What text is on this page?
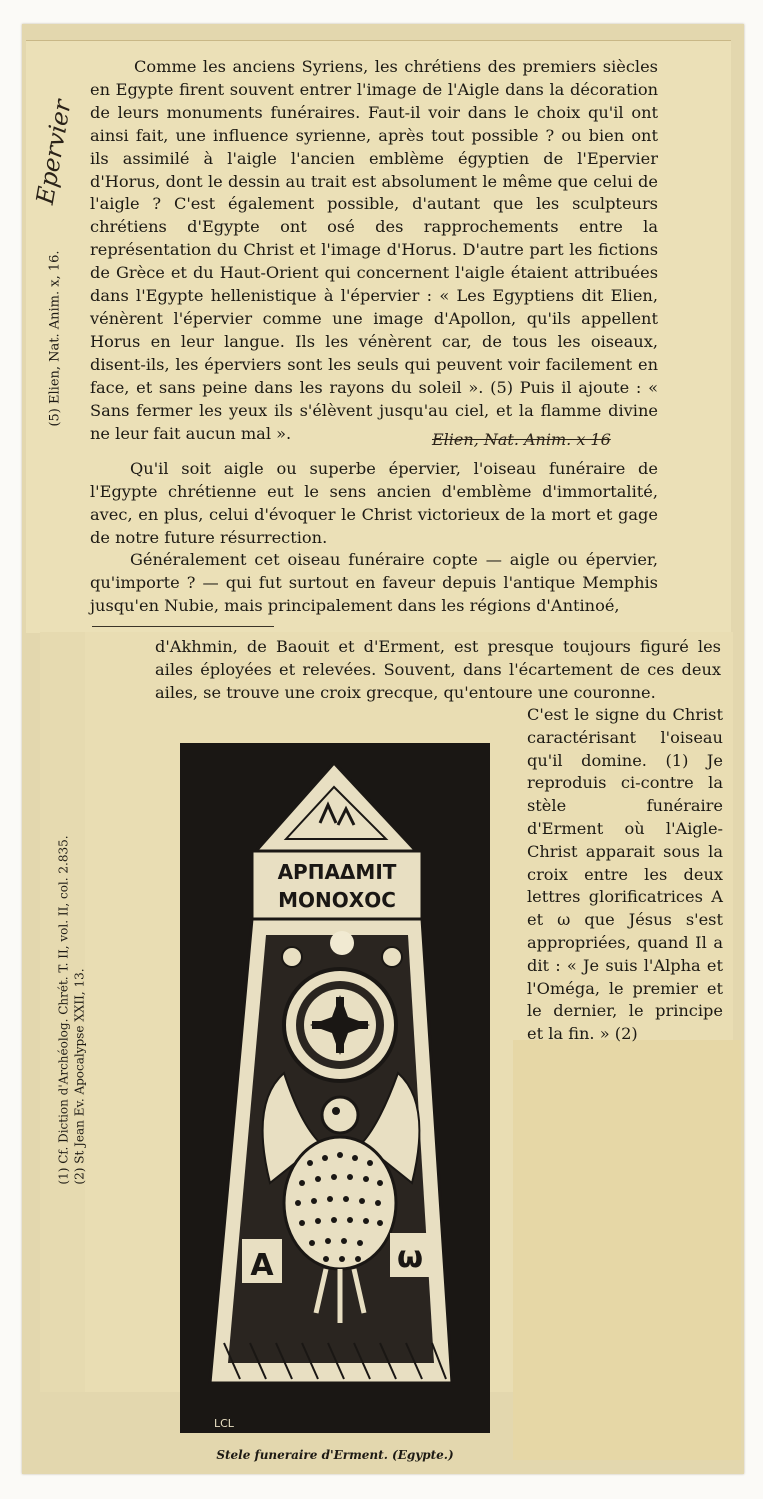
Epervier
(5) Elien, Nat. Anim. x, 16.

Comme les anciens Syriens, les chrétiens des premiers siècles en Egypte firent souvent entrer l'image de l'Aigle dans la décoration de leurs monuments funéraires. Faut-il voir dans le choix qu'il ont ainsi fait, une influence syrienne, après tout possible ? ou bien ont ils assimilé à l'aigle l'ancien emblème égyptien de l'Epervier d'Horus, dont le dessin au trait est absolument le même que celui de l'aigle ? C'est également possible, d'autant que les sculpteurs chrétiens d'Egypte ont osé des rapprochements entre la représentation du Christ et l'image d'Horus. D'autre part les fictions de Grèce et du Haut-Orient qui concernent l'aigle étaient attribuées dans l'Egypte hellenistique à l'épervier : « Les Egyptiens dit Elien, vénèrent l'épervier comme une image d'Apollon, qu'ils appellent Horus en leur langue. Ils les vénèrent car, de tous les oiseaux, disent-ils, les éperviers sont les seuls qui peuvent voir facilement en face, et sans peine dans les rayons du soleil ». (5) Puis il ajoute : « Sans fermer les yeux ils s'élèvent jusqu'au ciel, et la flamme divine ne leur fait aucun mal ».	Elien, Nat. Anim. x 16

Qu'il soit aigle ou superbe épervier, l'oiseau funéraire de l'Egypte chrétienne eut le sens ancien d'emblème d'immortalité, avec, en plus, celui d'évoquer le Christ victorieux de la mort et gage de notre future résurrection.

Généralement cet oiseau funéraire copte — aigle ou épervier, qu'importe ? — qui fut surtout en faveur depuis l'antique Memphis jusqu'en Nubie, mais principalement dans les régions d'Antinoé,

d'Akhmin, de Baouit et d'Erment, est presque toujours figuré les ailes éployées et relevées. Souvent, dans l'écartement de ces deux ailes, se trouve une croix grecque, qu'entoure une couronne.

C'est le signe du Christ caractérisant l'oiseau qu'il domine. (1) Je reproduis ci-contre la stèle funéraire d'Erment où l'Aigle-Christ apparait sous la croix entre les deux lettres glorificatrices A et ω que Jésus s'est appropriées, quand Il a dit : « Je suis l'Alpha et l'Oméga, le premier et le dernier, le principe et la fin. » (2)

(1) Cf. Diction d'Archéolog. Chrét. T. II, vol. II, col. 2.835. (2) St Jean Ev. Apocalypse XXII, 13.
ΑΡΠΑΔΜΙΤ
ΜΟΝΟΧΟC
A	ω
LCL
Stele funeraire d'Erment. (Egypte.)
